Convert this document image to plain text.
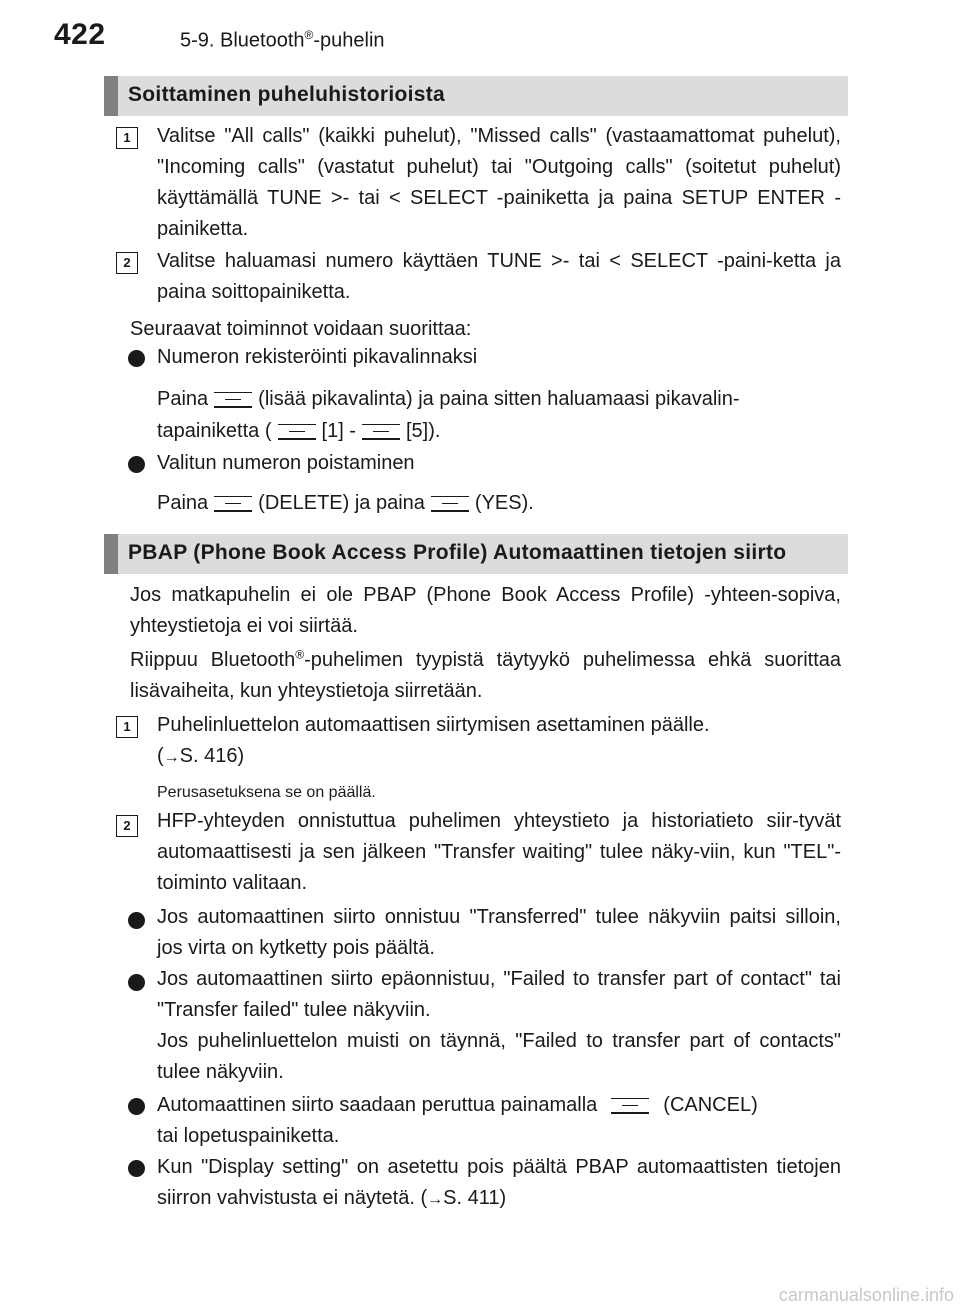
422	5-9. Bluetooth®-puhelin
Soittaminen puheluhistorioista
1	Valitse "All calls" (kaikki puhelut), "Missed calls" (vastaamattomat puhelut), "Incoming calls" (vastatut puhelut) tai "Outgoing calls" (soitetut puhelut) käyttämällä TUNE >- tai < SELECT -painiketta ja paina SETUP ENTER -painiketta.
2	Valitse haluamasi numero käyttäen TUNE >- tai < SELECT -paini-ketta ja paina soittopainiketta.
Seuraavat toiminnot voidaan suorittaa:
Numeron rekisteröinti pikavalinnaksi
Paina	(lisää pikavalinta) ja paina sitten haluamaasi pikavalin-
tapainiketta (	[1] -	[5]).
Valitun numeron poistaminen
Paina	(DELETE) ja paina	(YES).
PBAP (Phone Book Access Profile) Automaattinen tietojen siirto
Jos matkapuhelin ei ole PBAP (Phone Book Access Profile) -yhteen-sopiva, yhteystietoja ei voi siirtää.
Riippuu Bluetooth®-puhelimen tyypistä täytyykö puhelimessa ehkä suorittaa lisävaiheita, kun yhteystietoja siirretään.
1	Puhelinluettelon automaattisen siirtymisen asettaminen päälle.
(→S. 416)
Perusasetuksena se on päällä.
2	HFP-yhteyden onnistuttua puhelimen yhteystieto ja historiatieto siir-tyvät automaattisesti ja sen jälkeen "Transfer waiting" tulee näky-viin, kun "TEL"-toiminto valitaan.
Jos automaattinen siirto onnistuu "Transferred" tulee näkyviin paitsi silloin, jos virta on kytketty pois päältä.
Jos automaattinen siirto epäonnistuu, "Failed to transfer part of contact" tai "Transfer failed" tulee näkyviin.
Jos puhelinluettelon muisti on täynnä, "Failed to transfer part of contacts" tulee näkyviin.
Automaattinen siirto saadaan peruttua painamalla	(CANCEL)
tai lopetuspainiketta.
Kun "Display setting" on asetettu pois päältä PBAP automaattisten tietojen siirron vahvistusta ei näytetä. (→S. 411)
carmanualsonline.info
